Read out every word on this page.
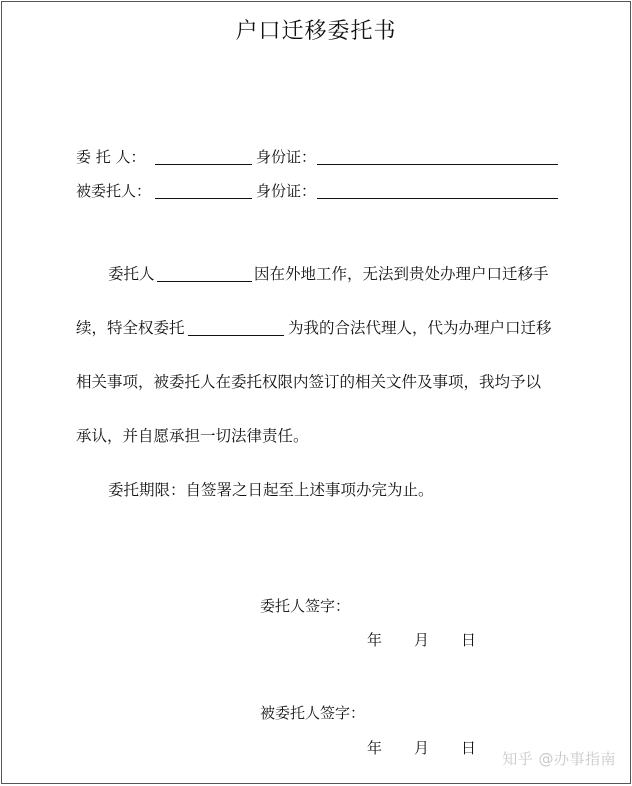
户口迁移委托书
委 托 人：	身份证：
被委托人：	身份证：
委托人	因在外地工作，无法到贵处办理户口迁移手
续，特全权委托	为我的合法代理人，代为办理户口迁移
相关事项，被委托人在委托权限内签订的相关文件及事项，我均予以
承认，并自愿承担一切法律责任。
委托期限：自签署之日起至上述事项办完为止。
委托人签字：
年 月 日
被委托人签字：
年 月 日
知乎 @办事指南
